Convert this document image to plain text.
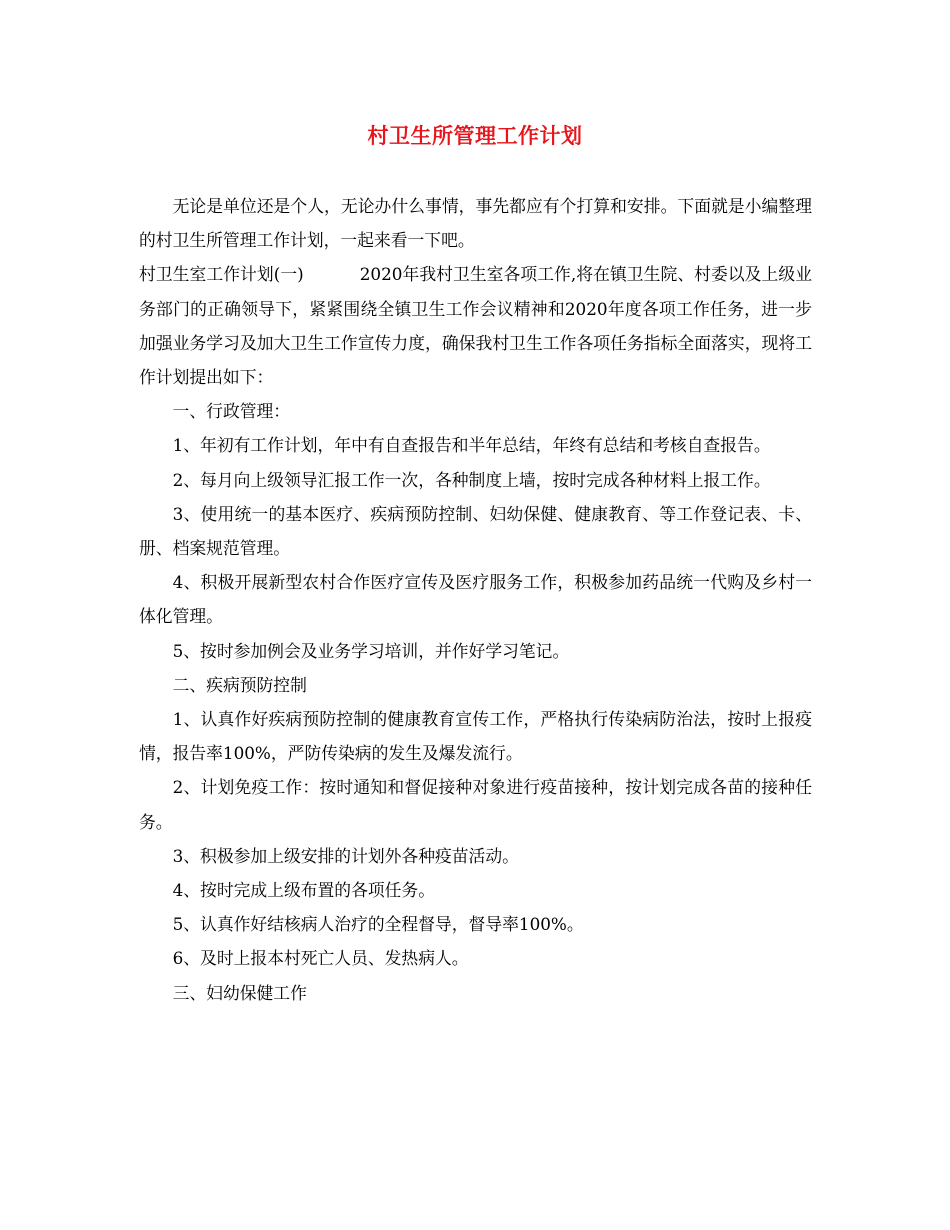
村卫生所管理工作计划

无论是单位还是个人，无论办什么事情，事先都应有个打算和安排。下面就是小编整理的村卫生所管理工作计划，一起来看一下吧。

村卫生室工作计划(一)	2020年我村卫生室各项工作,将在镇卫生院、村委以及上级业务部门的正确领导下，紧紧围绕全镇卫生工作会议精神和2020年度各项工作任务，进一步加强业务学习及加大卫生工作宣传力度，确保我村卫生工作各项任务指标全面落实，现将工作计划提出如下：

一、行政管理：

1、年初有工作计划，年中有自查报告和半年总结，年终有总结和考核自查报告。

2、每月向上级领导汇报工作一次，各种制度上墙，按时完成各种材料上报工作。

3、使用统一的基本医疗、疾病预防控制、妇幼保健、健康教育、等工作登记表、卡、册、档案规范管理。

4、积极开展新型农村合作医疗宣传及医疗服务工作，积极参加药品统一代购及乡村一体化管理。

5、按时参加例会及业务学习培训，并作好学习笔记。

二、疾病预防控制

1、认真作好疾病预防控制的健康教育宣传工作，严格执行传染病防治法，按时上报疫情，报告率100%，严防传染病的发生及爆发流行。

2、计划免疫工作：按时通知和督促接种对象进行疫苗接种，按计划完成各苗的接种任务。

3、积极参加上级安排的计划外各种疫苗活动。

4、按时完成上级布置的各项任务。

5、认真作好结核病人治疗的全程督导，督导率100%。

6、及时上报本村死亡人员、发热病人。

三、妇幼保健工作
